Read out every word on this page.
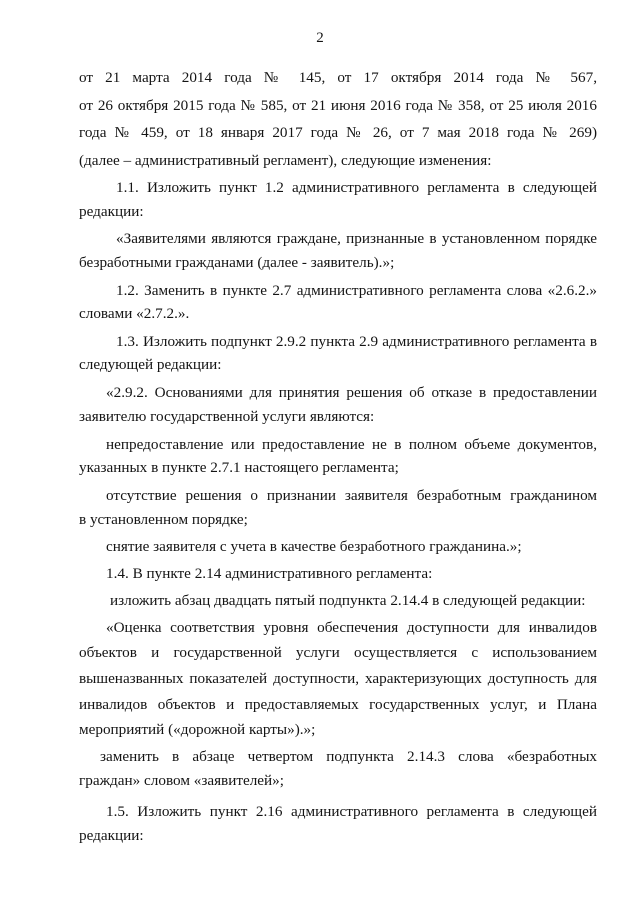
2
от 21 марта 2014 года № 145, от 17 октября 2014 года № 567,
от 26 октября 2015 года № 585, от 21 июня 2016 года № 358, от 25 июля 2016
года № 459, от 18 января 2017 года № 26, от 7 мая 2018 года № 269)
(далее – административный регламент), следующие изменения:
1.1. Изложить пункт 1.2 административного регламента в следующей
редакции:
«Заявителями являются граждане, признанные в установленном порядке
безработными гражданами (далее - заявитель).»;
1.2. Заменить в пункте 2.7 административного регламента слова «2.6.2.»
словами «2.7.2.».
1.3. Изложить подпункт 2.9.2 пункта 2.9 административного регламента в
следующей редакции:
«2.9.2. Основаниями для принятия решения об отказе в предоставлении
заявителю государственной услуги являются:
непредоставление или предоставление не в полном объеме документов,
указанных в пункте 2.7.1 настоящего регламента;
отсутствие решения о признании заявителя безработным гражданином
в установленном порядке;
снятие заявителя с учета в качестве безработного гражданина.»;
1.4. В пункте 2.14 административного регламента:
изложить абзац двадцать пятый подпункта 2.14.4 в следующей редакции:
«Оценка соответствия уровня обеспечения доступности для инвалидов
объектов и государственной услуги осуществляется с использованием
вышеназванных показателей доступности, характеризующих доступность для
инвалидов объектов и предоставляемых государственных услуг, и Плана
мероприятий («дорожной карты»).»;
заменить в абзаце четвертом подпункта 2.14.3 слова «безработных
граждан» словом «заявителей»;
1.5. Изложить пункт 2.16 административного регламента в следующей
редакции:
